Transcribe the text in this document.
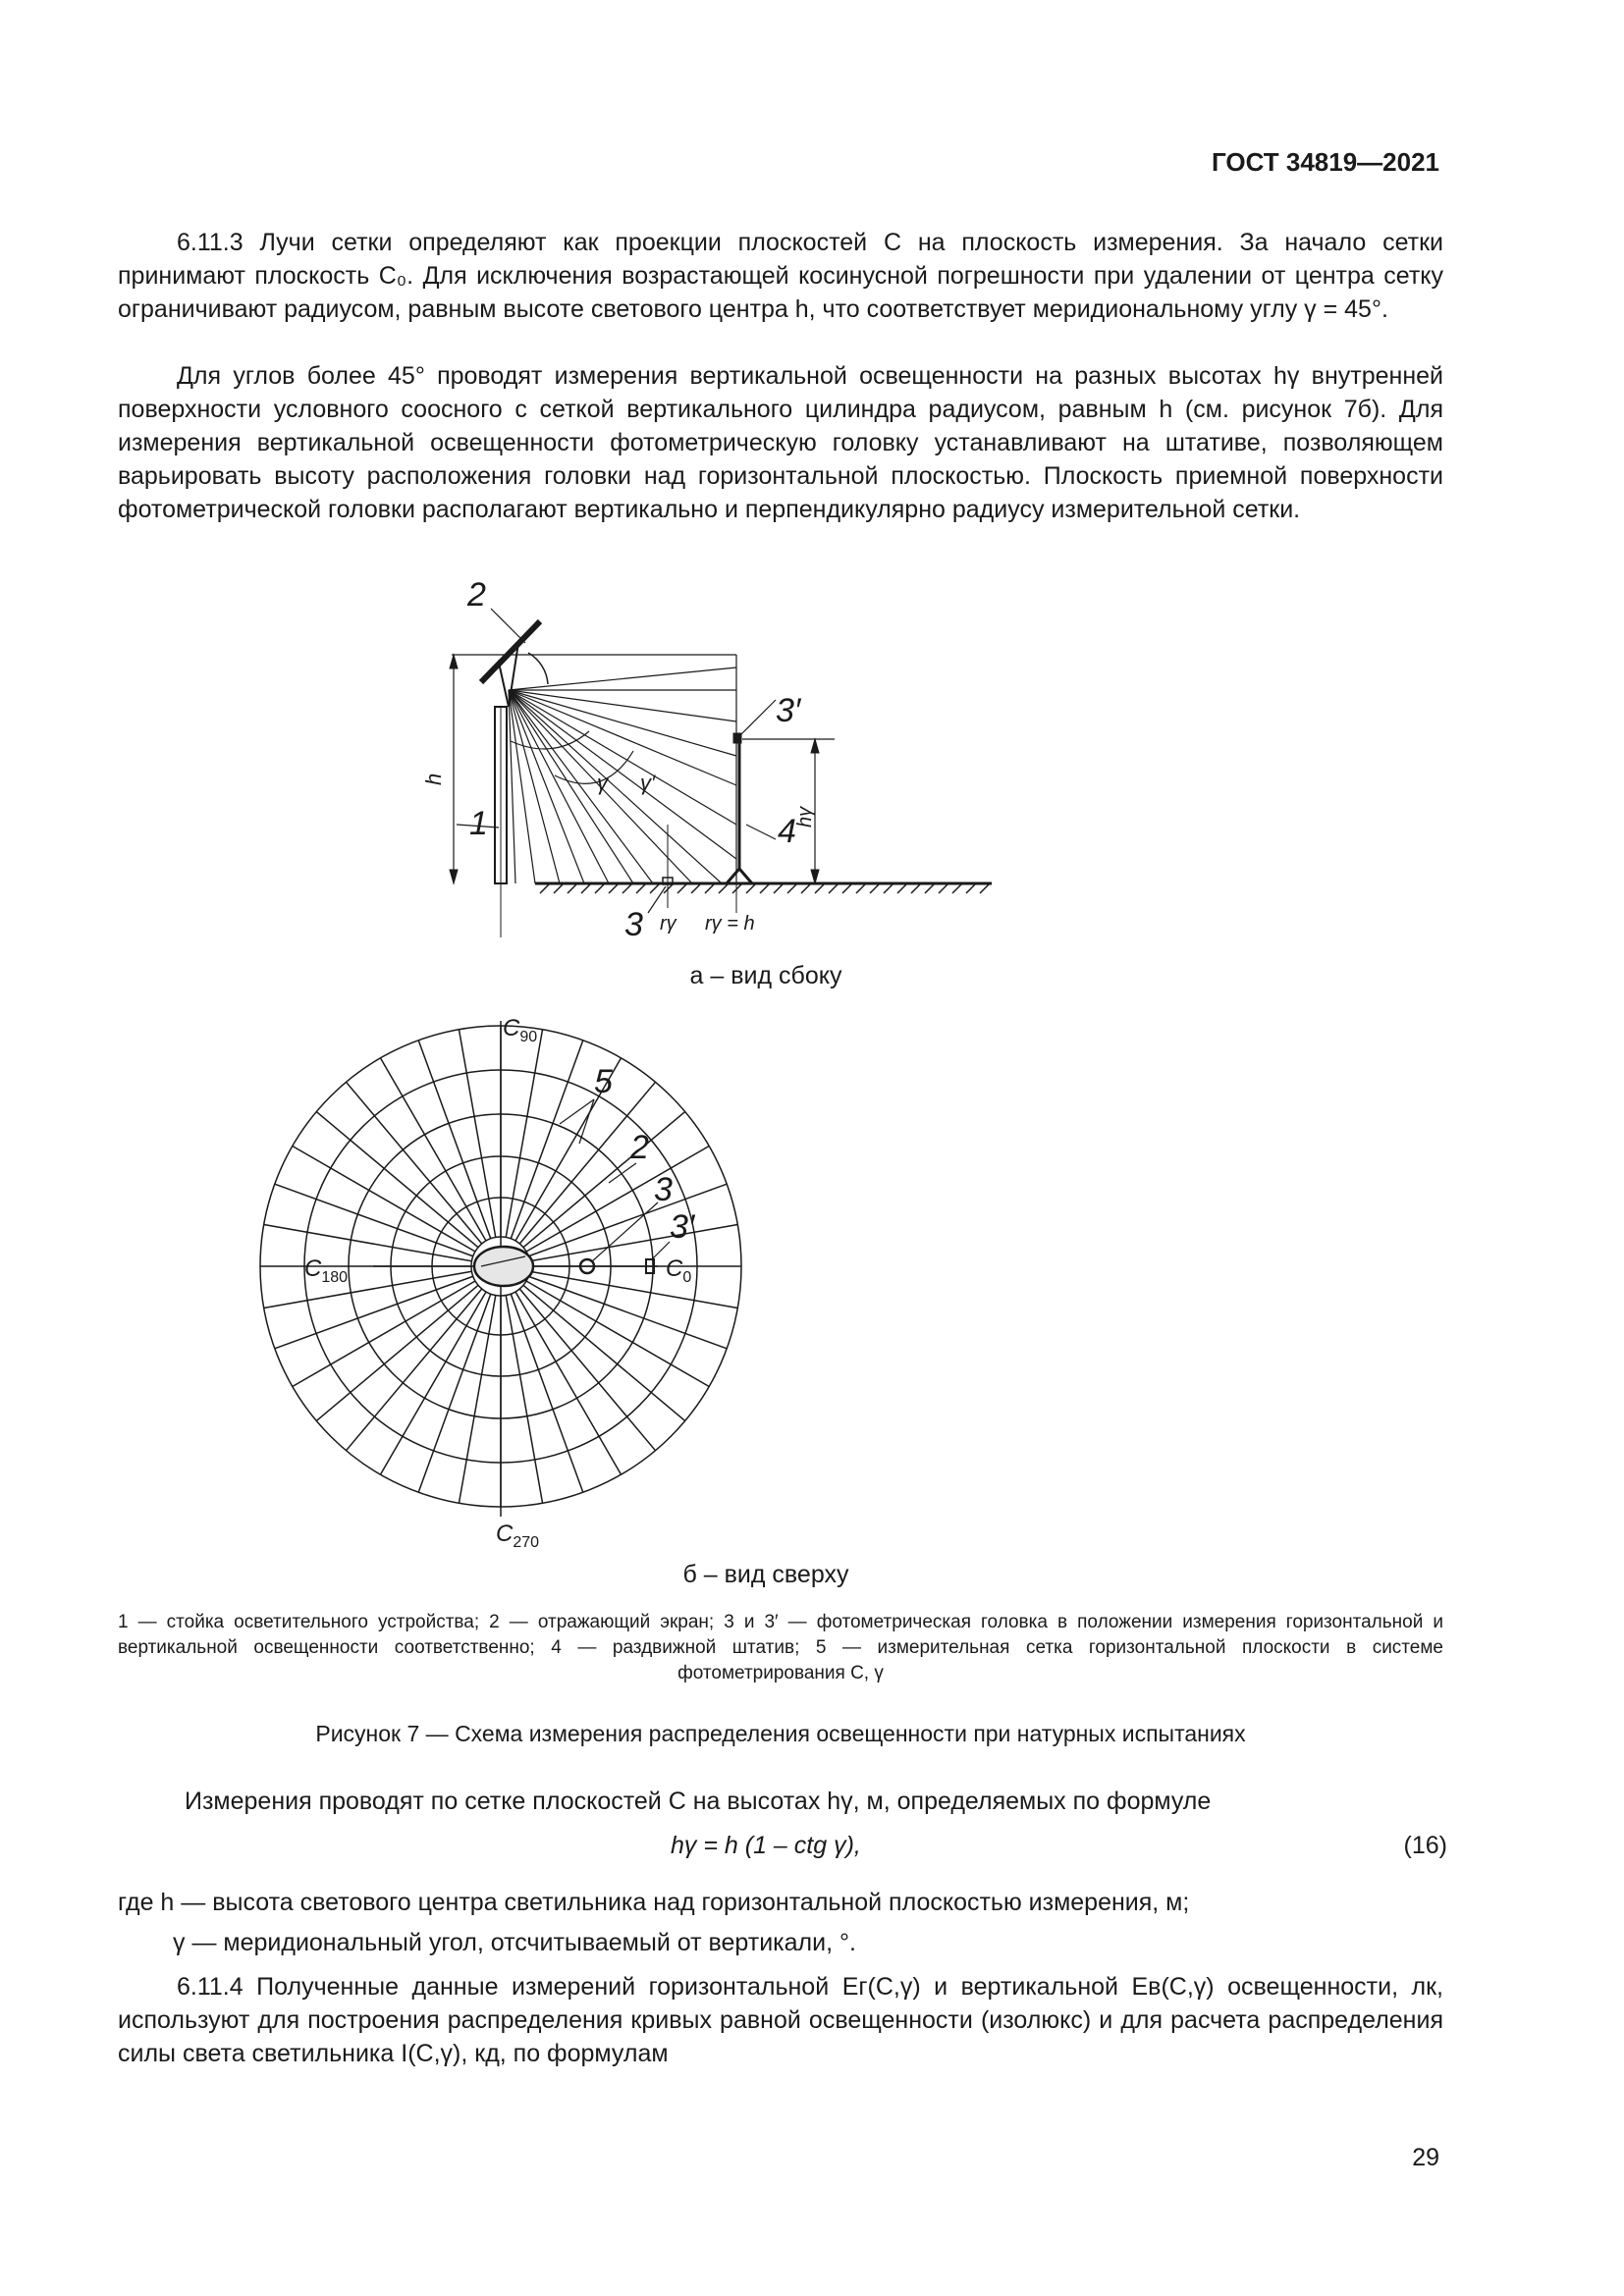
ГОСТ 34819—2021

6.11.3 Лучи сетки определяют как проекции плоскостей C на плоскость измерения. За начало сетки принимают плоскость C₀. Для исключения возрастающей косинусной погрешности при удалении от центра сетку ограничивают радиусом, равным высоте светового центра h, что соответствует меридиональному углу γ = 45°.

Для углов более 45° проводят измерения вертикальной освещенности на разных высотах hγ внутренней поверхности условного соосного с сеткой вертикального цилиндра радиусом, равным h (см. рисунок 7б). Для измерения вертикальной освещенности фотометрическую головку устанавливают на штативе, позволяющем варьировать высоту расположения головки над горизонтальной плоскостью. Плоскость приемной поверхности фотометрической головки располагают вертикально и перпендикулярно радиусу измерительной сетки.

2
1
3′
4
3
h
hγ
γ γ′
rγ rγ = h
$C_{90}$
$C_{180}$	$C_0$
$C_{270}$
5
2
3
3′
а – вид сбоку
б – вид сверху

1 — стойка осветительного устройства; 2 — отражающий экран; 3 и 3′ — фотометрическая головка в положении измерения горизонтальной и вертикальной освещенности соответственно; 4 — раздвижной штатив; 5 — измерительная сетка горизонтальной плоскости в системе фотометрирования C, γ

Рисунок 7 — Схема измерения распределения освещенности при натурных испытаниях
Измерения проводят по сетке плоскостей C на высотах hγ, м, определяемых по формуле
hγ = h (1 – ctg γ),	(16)
где h — высота светового центра светильника над горизонтальной плоскостью измерения, м;
γ — меридиональный угол, отсчитываемый от вертикали, °.

6.11.4 Полученные данные измерений горизонтальной Eг(C,γ) и вертикальной Eв(C,γ) освещенности, лк, используют для построения распределения кривых равной освещенности (изолюкс) и для расчета распределения силы света светильника I(C,γ), кд, по формулам

29
